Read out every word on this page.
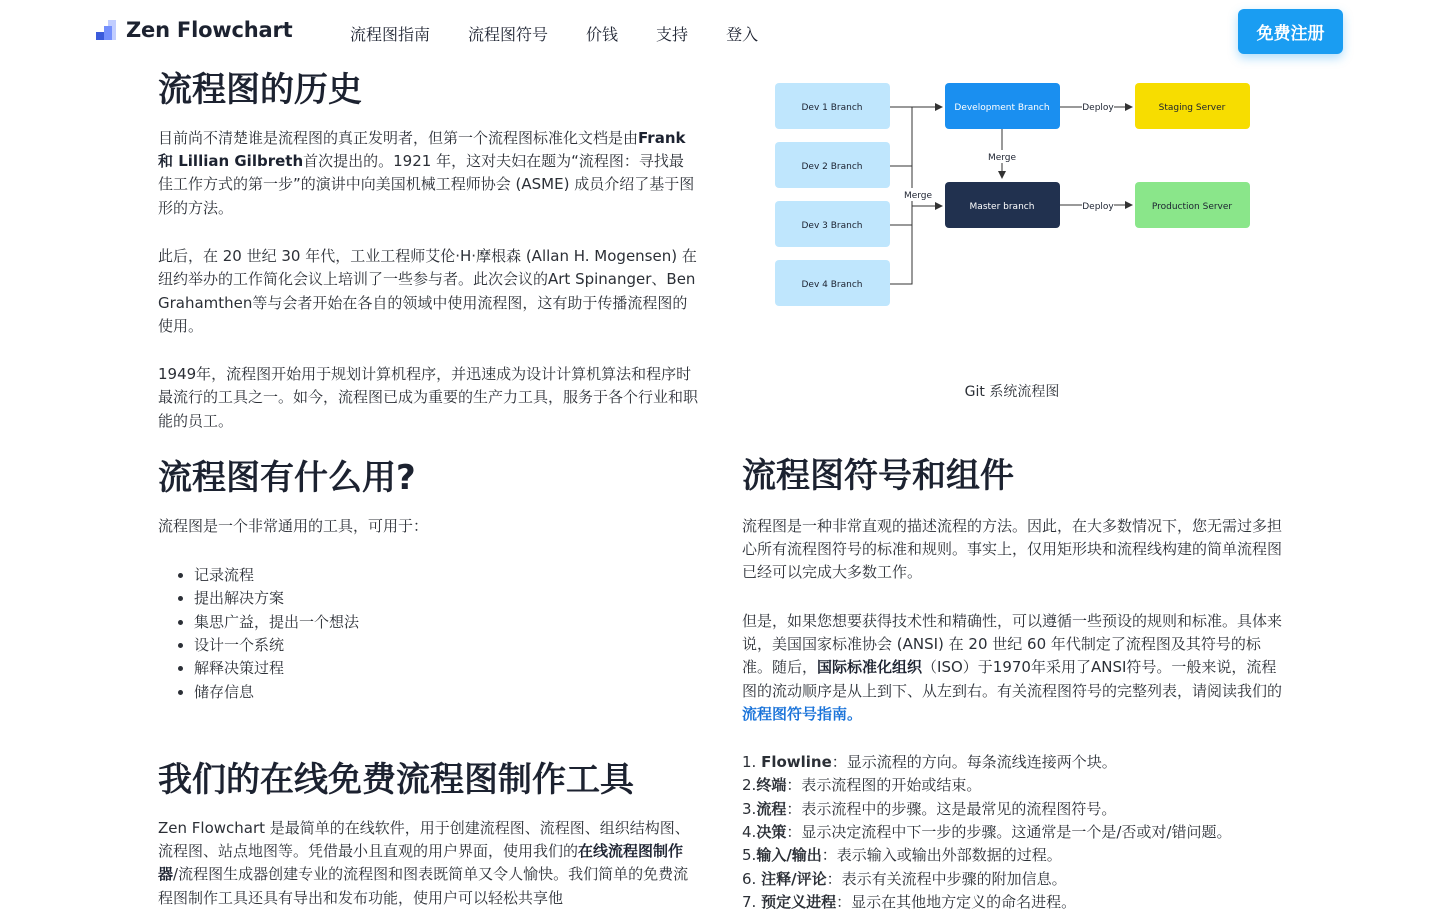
Zen Flowchart	流程图指南 流程图符号 价钱 支持 登入	免费注册
流程图的历史

目前尚不清楚谁是流程图的真正发明者，但第一个流程图标准化文档是由Frank 和 Lillian Gilbreth首次提出的。1921 年，这对夫妇在题为“流程图：寻找最佳工作方式的第一步”的演讲中向美国机械工程师协会 (ASME) 成员介绍了基于图形的方法。

此后，在 20 世纪 30 年代，工业工程师艾伦·H·摩根森 (Allan H. Mogensen) 在纽约举办的工作简化会议上培训了一些参与者。此次会议的Art Spinanger、Ben Grahamthen等与会者开始在各自的领域中使用流程图，这有助于传播流程图的使用。

1949年，流程图开始用于规划计算机程序，并迅速成为设计计算机算法和程序时最流行的工具之一。如今，流程图已成为重要的生产力工具，服务于各个行业和职能的员工。

Dev 1 Branch
Dev 2 Branch
Dev 3 Branch
Dev 4 Branch
Development Branch
Master branch
Staging Server
Production Server
Merge
Merge
Deploy
Deploy
Git 系统流程图
流程图有什么用?

流程图是一个非常通用的工具，可用于：

• 记录流程
• 提出解决方案
• 集思广益，提出一个想法
• 设计一个系统
• 解释决策过程
• 储存信息
我们的在线免费流程图制作工具

Zen Flowchart 是最简单的在线软件，用于创建流程图、流程图、组织结构图、流程图、站点地图等。凭借最小且直观的用户界面，使用我们的在线流程图制作器/流程图生成器创建专业的流程图和图表既简单又令人愉快。我们简单的免费流程图制作工具还具有导出和发布功能，使用户可以轻松共享他

流程图符号和组件

流程图是一种非常直观的描述流程的方法。因此，在大多数情况下，您无需过多担心所有流程图符号的标准和规则。事实上，仅用矩形块和流程线构建的简单流程图已经可以完成大多数工作。

但是，如果您想要获得技术性和精确性，可以遵循一些预设的规则和标准。具体来说，美国国家标准协会 (ANSI) 在 20 世纪 60 年代制定了流程图及其符号的标准。随后，国际标准化组织（ISO）于1970年采用了ANSI符号。一般来说，流程图的流动顺序是从上到下、从左到右。有关流程图符号的完整列表，请阅读我们的流程图符号指南。

1. Flowline：显示流程的方向。每条流线连接两个块。
2.终端：表示流程图的开始或结束。
3.流程：表示流程中的步骤。这是最常见的流程图符号。
4.决策：显示决定流程中下一步的步骤。这通常是一个是/否或对/错问题。
5.输入/输出：表示输入或输出外部数据的过程。
6. 注释/评论：表示有关流程中步骤的附加信息。
7. 预定义进程：显示在其他地方定义的命名进程。
